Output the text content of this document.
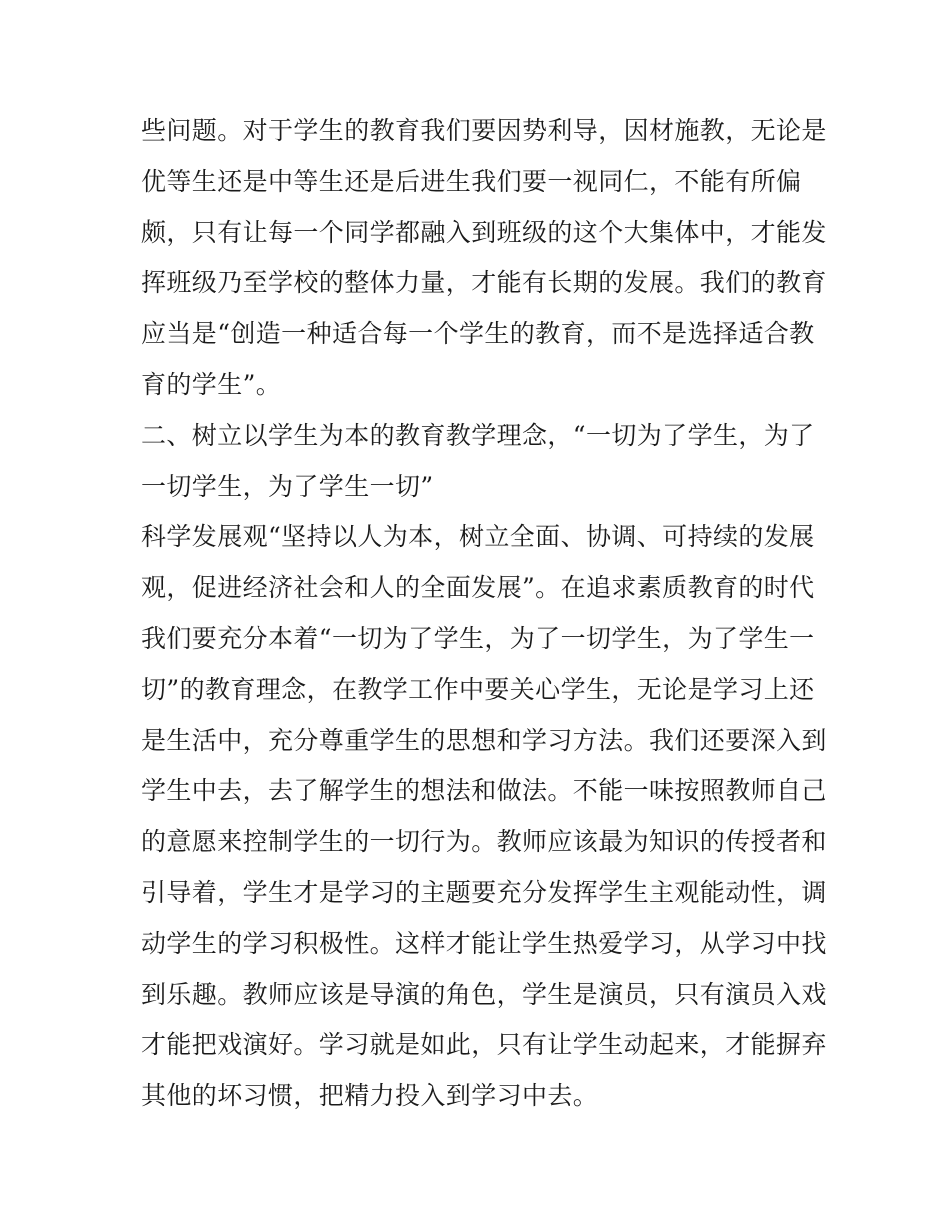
些问题。对于学生的教育我们要因势利导，因材施教，无论是
优等生还是中等生还是后进生我们要一视同仁，不能有所偏
颇，只有让每一个同学都融入到班级的这个大集体中，才能发
挥班级乃至学校的整体力量，才能有长期的发展。我们的教育
应当是“创造一种适合每一个学生的教育，而不是选择适合教
育的学生”。
二、树立以学生为本的教育教学理念，“一切为了学生，为了
一切学生，为了学生一切”
科学发展观“坚持以人为本，树立全面、协调、可持续的发展
观，促进经济社会和人的全面发展”。在追求素质教育的时代
我们要充分本着“一切为了学生，为了一切学生，为了学生一
切”的教育理念，在教学工作中要关心学生，无论是学习上还
是生活中，充分尊重学生的思想和学习方法。我们还要深入到
学生中去，去了解学生的想法和做法。不能一味按照教师自己
的意愿来控制学生的一切行为。教师应该最为知识的传授者和
引导着，学生才是学习的主题要充分发挥学生主观能动性，调
动学生的学习积极性。这样才能让学生热爱学习，从学习中找
到乐趣。教师应该是导演的角色，学生是演员，只有演员入戏
才能把戏演好。学习就是如此，只有让学生动起来，才能摒弃
其他的坏习惯，把精力投入到学习中去。
